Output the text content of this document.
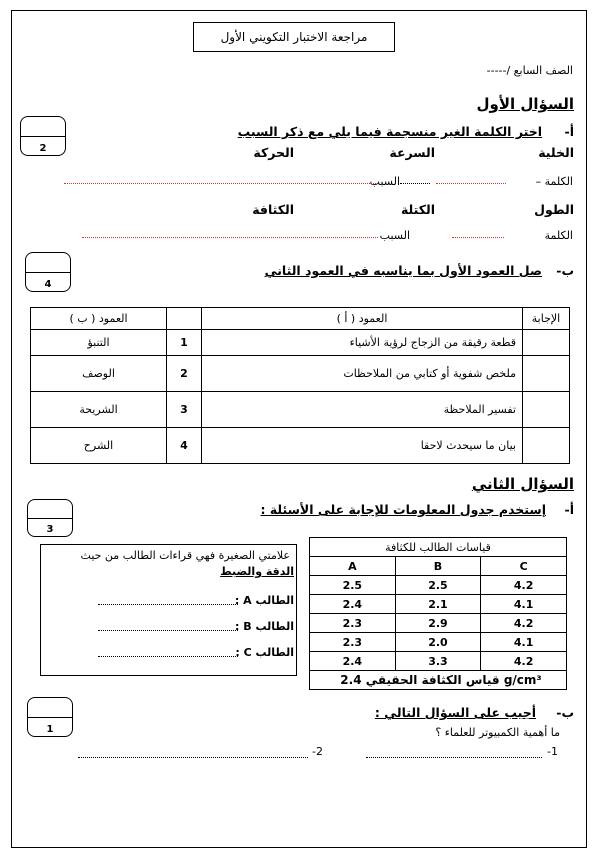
مراجعة الاختبار التكويني الأول
الصف السابع /-----
السؤال الأول
أ-
اختر الكلمة الغير منسجمة فيما يلي مع ذكر السبب
2	الخلية
السرعة
الحركة
الكلمة –
السبب
الطول
الكتلة
الكثافة
الكلمة
السبب
ب-
صل العمود الأول بما يناسبه في العمود الثاني
4
الإجابة	العمود ( أ )		العمود ( ب )
	قطعة رقيقة من الزجاج لرؤية الأشياء	1	التنبؤ
	ملخص شفوية أو كتابي من الملاحظات	2	الوصف
	تفسير الملاحظة	3	الشريحة
	بيان ما سيحدث لاحقا	4	الشرح
السؤال الثاني
أ-
إستخدم جدول المعلومات للإجابة على الأسئلة :
3
علامتي الصغيرة فهي قراءات الطالب من حيث
الدقة والضبط
الطالب A :
الطالب B :
الطالب C :
قياسات الطالب للكثافة		
A	B	C
2.5	2.5	4.2
2.4	2.1	4.1
2.3	2.9	4.2
2.3	2.0	4.1
2.4	3.3	4.2
قياس الكثافة الحقيقي 2.4 g/cm³		
ب-
أجيب على السؤال التالي :
1	ما أهمية الكمبيوتر للعلماء ؟
-1
-2
